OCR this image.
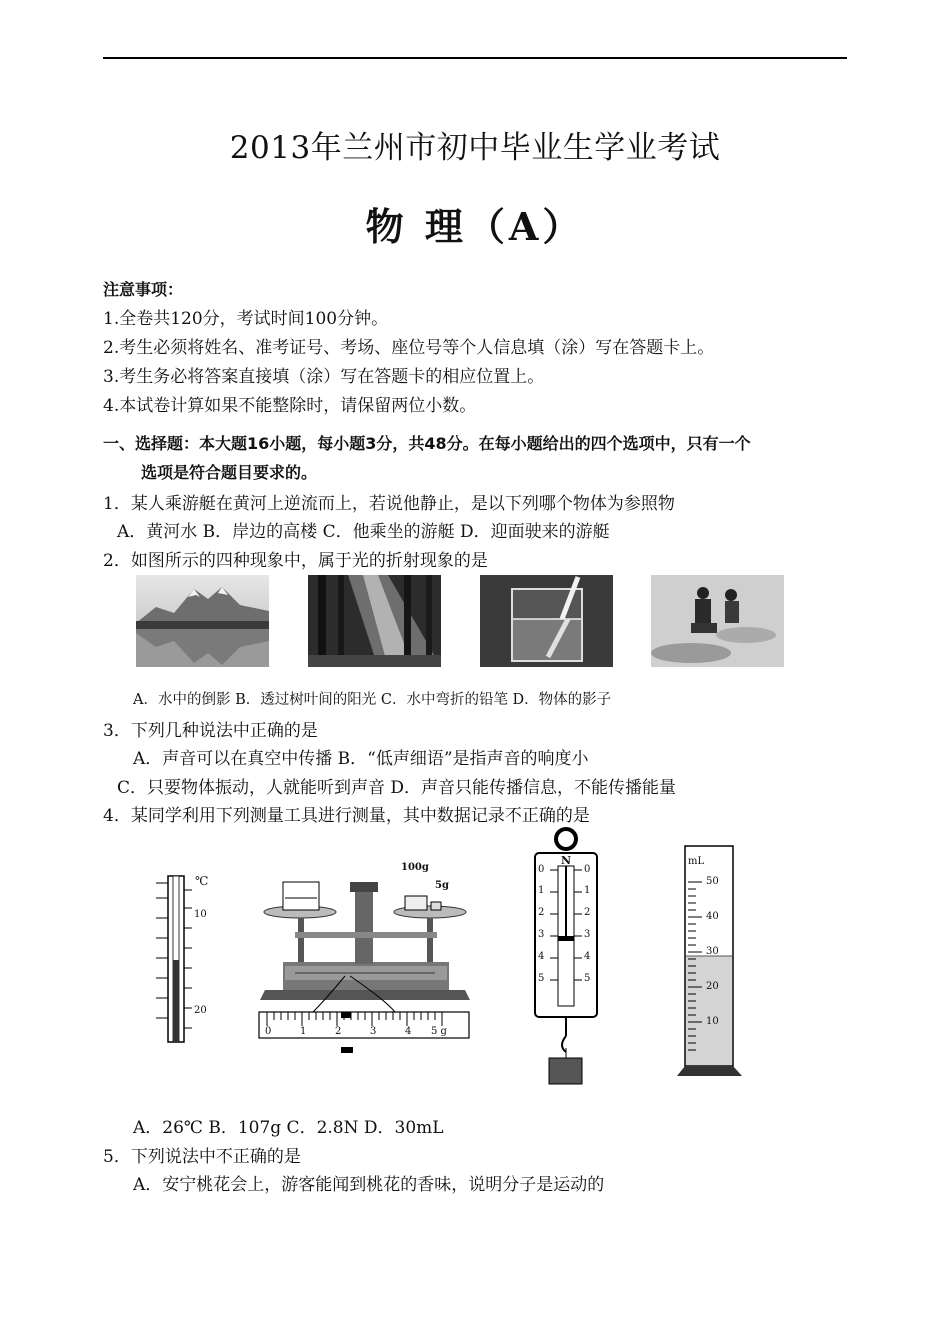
2013年兰州市初中毕业生学业考试
物 理（A）
注意事项：
1.全卷共120分，考试时间100分钟。
2.考生必须将姓名、准考证号、考场、座位号等个人信息填（涂）写在答题卡上。
3.考生务必将答案直接填（涂）写在答题卡的相应位置上。
4.本试卷计算如果不能整除时，请保留两位小数。
一、选择题：本大题16小题，每小题3分，共48分。在每小题给出的四个选项中，只有一个
选项是符合题目要求的。
1．某人乘游艇在黄河上逆流而上，若说他静止，是以下列哪个物体为参照物
A．黄河水 B．岸边的高楼 C．他乘坐的游艇 D．迎面驶来的游艇
2．如图所示的四种现象中，属于光的折射现象的是
A．水中的倒影 B．透过树叶间的阳光 C．水中弯折的铅笔 D．物体的影子
3．下列几种说法中正确的是
A．声音可以在真空中传播 B．“低声细语”是指声音的响度小
C．只要物体振动，人就能听到声音 D．声音只能传播信息，不能传播能量
4．某同学利用下列测量工具进行测量，其中数据记录不正确的是
℃
10
20
100g
5g
0	1	2	3	4 5 g
N
0
1
2
3
4
5
0
1
2
3
4
5
mL
50
40
30
20
10
A．26℃ B．107g C．2.8N D．30mL
5．下列说法中不正确的是
A．安宁桃花会上，游客能闻到桃花的香味，说明分子是运动的
